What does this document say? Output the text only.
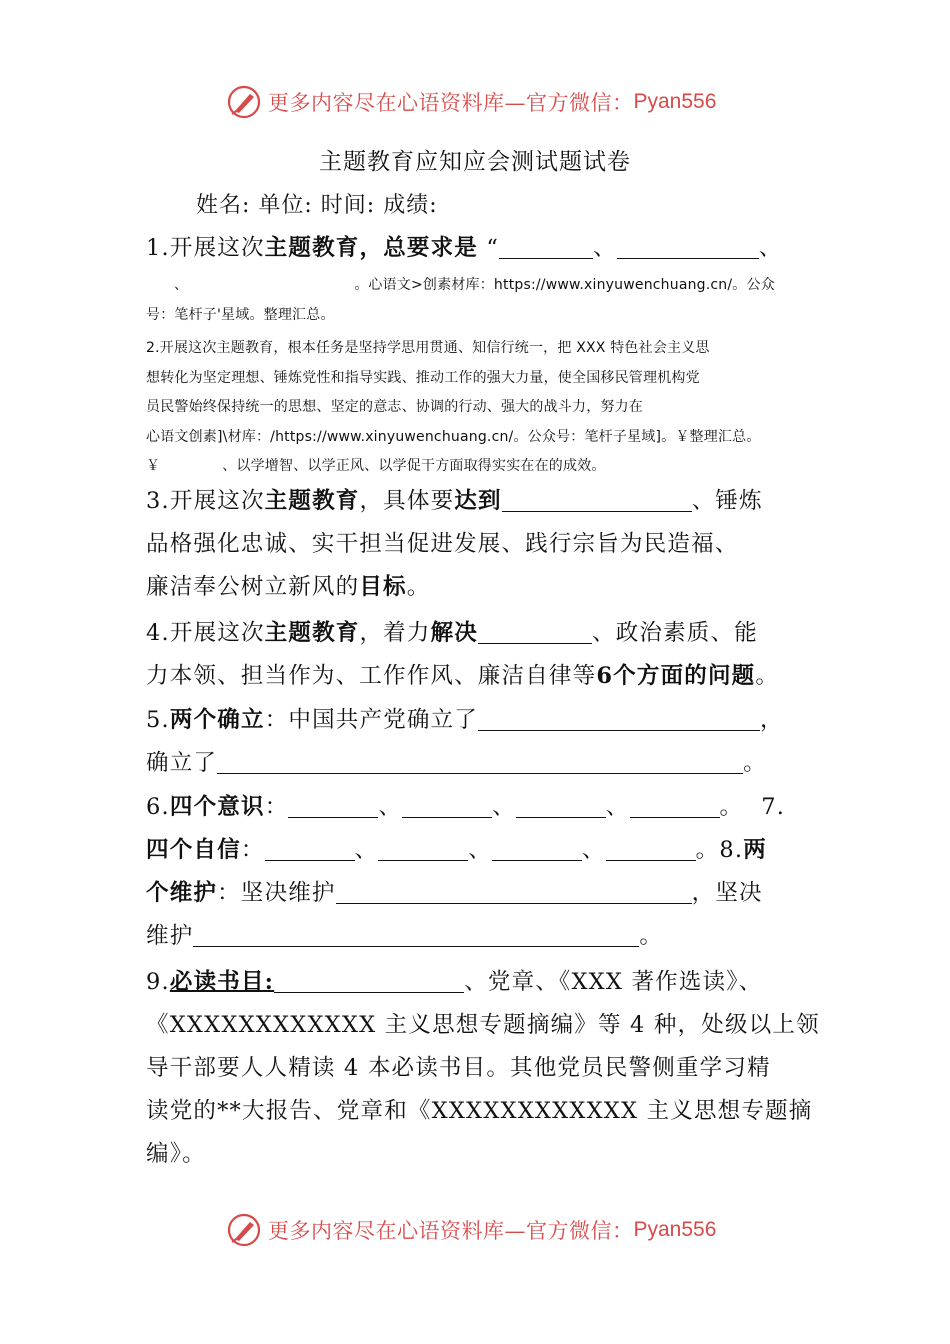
更多内容尽在心语资料库—官方微信： Pyan556
主题教育应知应会测试题试卷
姓名: 单位: 时间: 成绩:
1.开展这次主题教育，总要求是 “	、	、
、	。心语文>创素材库：https://www.xinyuwenchuang.cn/。公众
号：笔杆子'星域。整理汇总。
2.开展这次主题教育，根本任务是坚持学思用贯通、知信行统一，把 XXX 特色社会主义思
想转化为坚定理想、锤炼党性和指导实践、推动工作的强大力量，使全国移民管理机构党
员民警始终保持统一的思想、坚定的意志、协调的行动、强大的战斗力，努力在
心语文创素]\材库：/https://www.xinyuwenchuang.cn/。公众号：笔杆子星域]。￥整理汇总。
￥	、以学增智、以学正风、以学促干方面取得实实在在的成效。
3.开展这次主题教育，具体要达到	、锤炼
品格强化忠诚、实干担当促进发展、践行宗旨为民造福、
廉洁奉公树立新风的目标。
4.开展这次主题教育，着力解决	、政治素质、能
力本领、担当作为、工作作风、廉洁自律等6个方面的问题。
5.两个确立：中国共产党确立了	，
确立了	。
6.四个意识：	、	、	、	。 7.
四个自信：	、	、	、	。8.两
个维护：坚决维护	，坚决
维护	。
9.必读书目:	、党章、《XXX 著作选读》、
《XXXXXXXXXXXX 主义思想专题摘编》等 4 种，处级以上领
导干部要人人精读 4 本必读书目。其他党员民警侧重学习精
读党的**大报告、党章和《XXXXXXXXXXXX 主义思想专题摘
编》。
更多内容尽在心语资料库—官方微信： Pyan556
